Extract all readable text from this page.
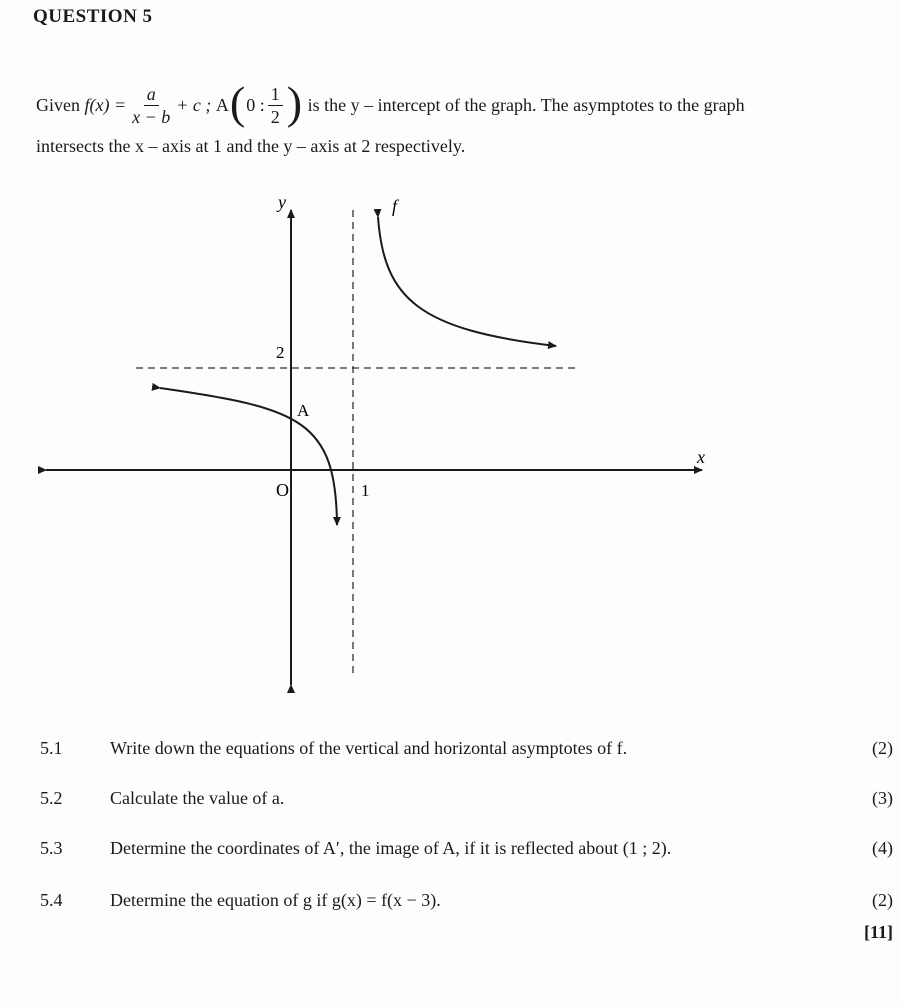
QUESTION 5
Given
$f(x) = \frac{a}{x - b} + c$ ;
A ( 0 : $\frac{1}{2}$ )
is the y – intercept of the graph. The asymptotes to the graph
intersects the x – axis at 1 and the y – axis at 2 respectively.
y
x
f
A
O	1
2
5.1	Write down the equations of the vertical and horizontal asymptotes of f.	(2)
5.2	Calculate the value of a.	(3)
5.3	Determine the coordinates of A′, the image of A, if it is reflected about (1 ; 2).	(4)
5.4	Determine the equation of g if g(x) = f(x − 3).	(2)
[11]
